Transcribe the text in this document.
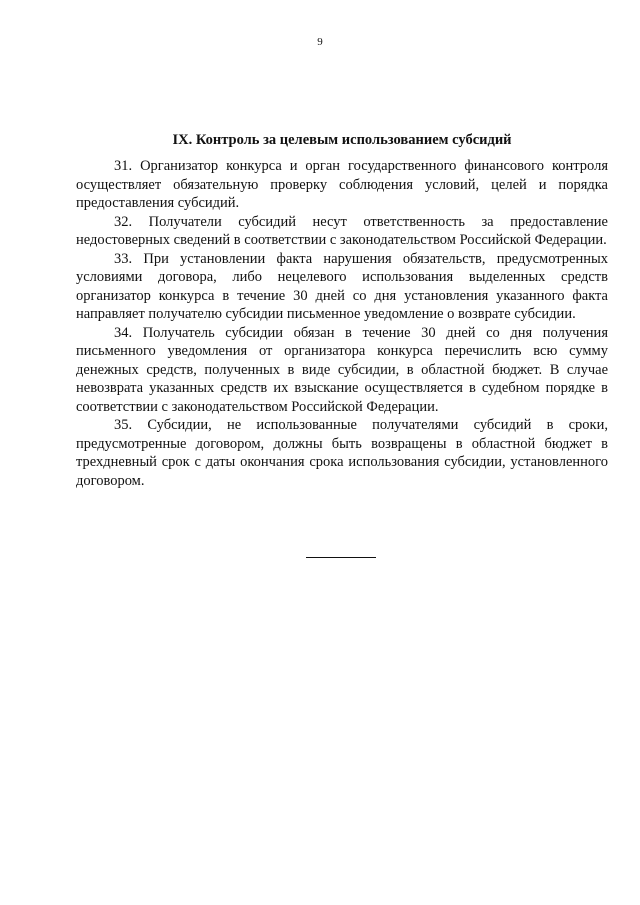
9
IX. Контроль за целевым использованием субсидий

31. Организатор конкурса и орган государственного финансового контроля осуществляет обязательную проверку соблюдения условий, целей и порядка предоставления субсидий.

32. Получатели субсидий несут ответственность за предоставление недостоверных сведений в соответствии с законодательством Российской Федерации.

33. При установлении факта нарушения обязательств, предусмотренных условиями договора, либо нецелевого использования выделенных средств организатор конкурса в течение 30 дней со дня установления указанного факта направляет получателю субсидии письменное уведомление о возврате субсидии.

34. Получатель субсидии обязан в течение 30 дней со дня получения письменного уведомления от организатора конкурса перечислить всю сумму денежных средств, полученных в виде субсидии, в областной бюджет. В случае невозврата указанных средств их взыскание осуществляется в судебном порядке в соответствии с законодательством Российской Федерации.

35. Субсидии, не использованные получателями субсидий в сроки, предусмотренные договором, должны быть возвращены в областной бюджет в трехдневный срок с даты окончания срока использования субсидии, установленного договором.
